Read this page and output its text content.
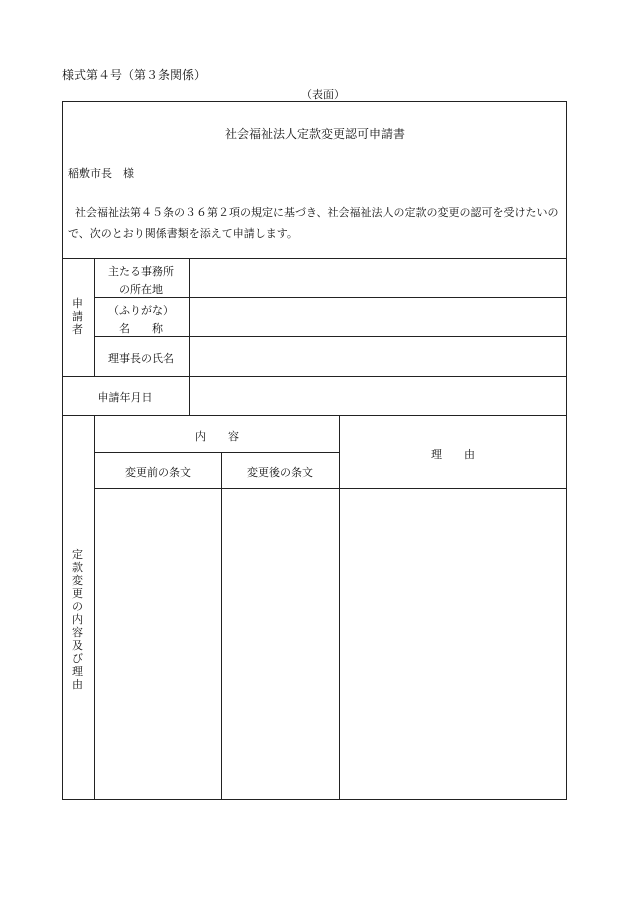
様式第４号（第３条関係）
（表面）
社会福祉法人定款変更認可申請書
稲敷市長　様
　社会福祉法第４５条の３６第２項の規定に基づき、社会福祉法人の定款の変更の認可を受けたいの
で、次のとおり関係書類を添えて申請します。
申
請
者
主たる事務所
の所在地
（ふりがな）
名　　称
理事長の氏名
申請年月日
定
款
変
更
の
内
容
及
び
理
由
内　　容
変更前の条文	変更後の条文
理　　由
